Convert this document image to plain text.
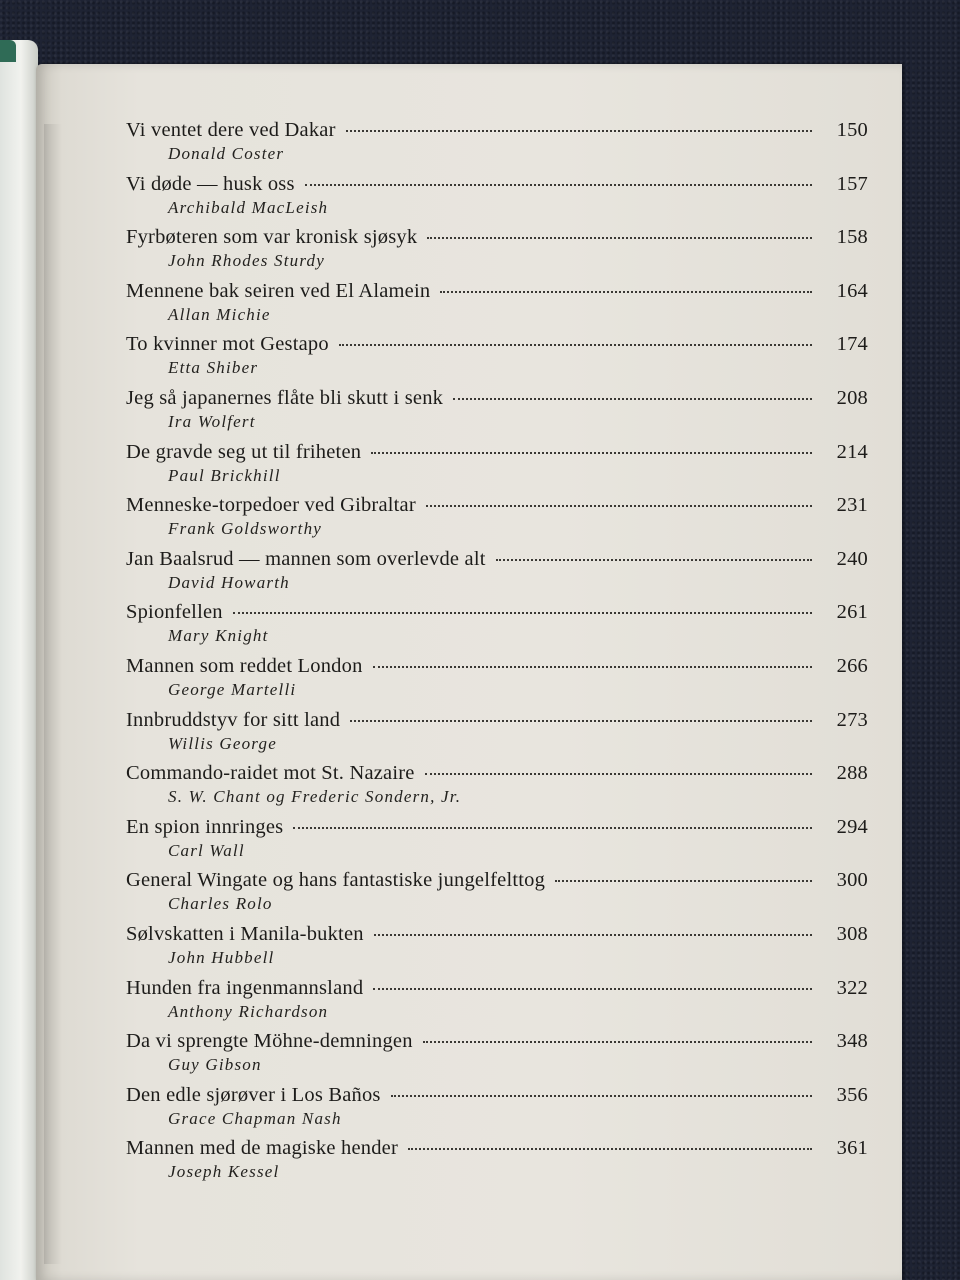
Vi ventet dere ved Dakar	150
Donald Coster
Vi døde — husk oss	157
Archibald MacLeish
Fyrbøteren som var kronisk sjøsyk	158
John Rhodes Sturdy
Mennene bak seiren ved El Alamein	164
Allan Michie
To kvinner mot Gestapo	174
Etta Shiber
Jeg så japanernes flåte bli skutt i senk	208
Ira Wolfert
De gravde seg ut til friheten	214
Paul Brickhill
Menneske-torpedoer ved Gibraltar	231
Frank Goldsworthy
Jan Baalsrud — mannen som overlevde alt	240
David Howarth
Spionfellen	261
Mary Knight
Mannen som reddet London	266
George Martelli
Innbruddstyv for sitt land	273
Willis George
Commando-raidet mot St. Nazaire	288
S. W. Chant og Frederic Sondern, Jr.
En spion innringes	294
Carl Wall
General Wingate og hans fantastiske jungelfelttog	300
Charles Rolo
Sølvskatten i Manila-bukten	308
John Hubbell
Hunden fra ingenmannsland	322
Anthony Richardson
Da vi sprengte Möhne-demningen	348
Guy Gibson
Den edle sjørøver i Los Baños	356
Grace Chapman Nash
Mannen med de magiske hender	361
Joseph Kessel
